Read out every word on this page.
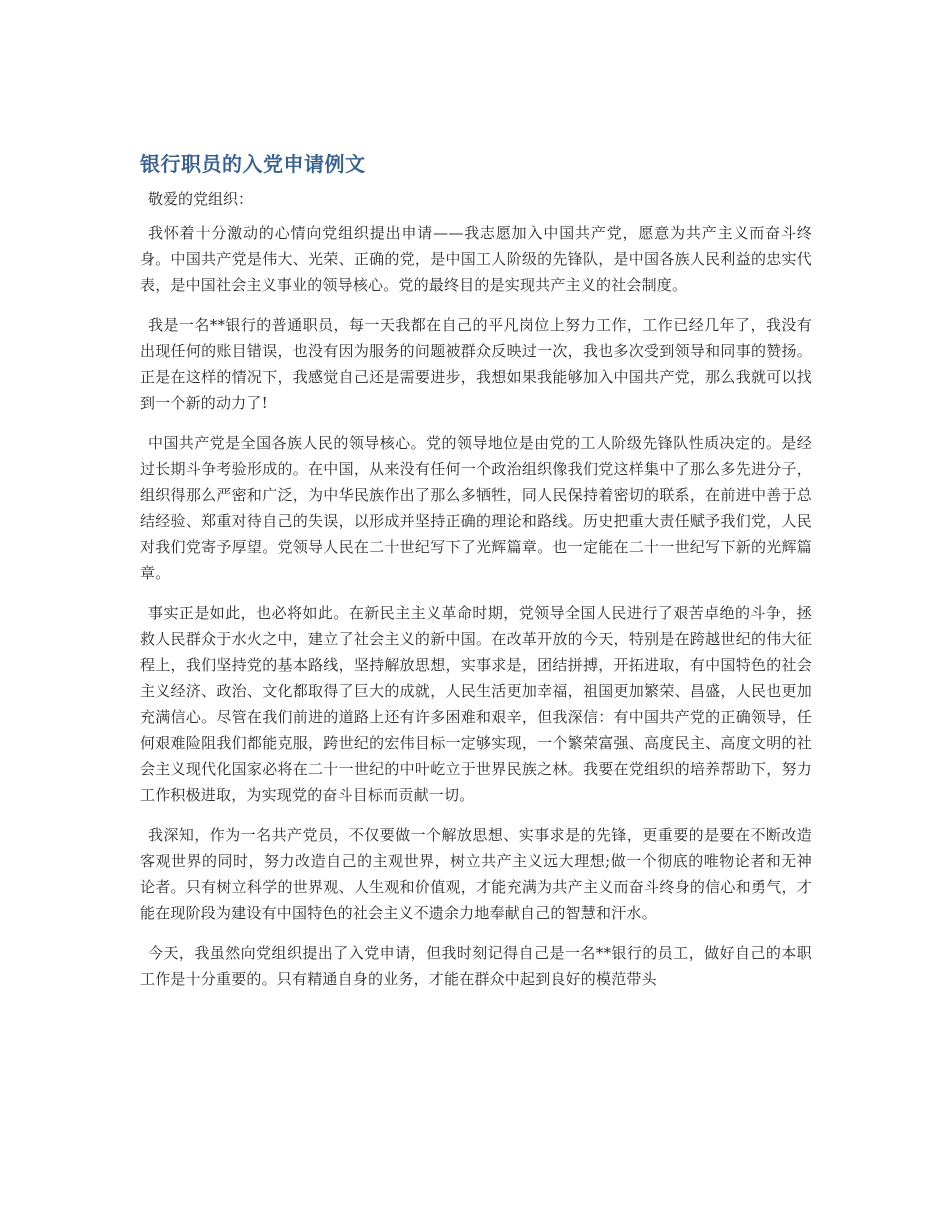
银行职员的入党申请例文

敬爱的党组织：

我怀着十分激动的心情向党组织提出申请——我志愿加入中国共产党，愿意为共产主义而奋斗终身。中国共产党是伟大、光荣、正确的党，是中国工人阶级的先锋队，是中国各族人民利益的忠实代表，是中国社会主义事业的领导核心。党的最终目的是实现共产主义的社会制度。

我是一名**银行的普通职员，每一天我都在自己的平凡岗位上努力工作，工作已经几年了，我没有出现任何的账目错误，也没有因为服务的问题被群众反映过一次，我也多次受到领导和同事的赞扬。正是在这样的情况下，我感觉自己还是需要进步，我想如果我能够加入中国共产党，那么我就可以找到一个新的动力了!

中国共产党是全国各族人民的领导核心。党的领导地位是由党的工人阶级先锋队性质决定的。是经过长期斗争考验形成的。在中国，从来没有任何一个政治组织像我们党这样集中了那么多先进分子，组织得那么严密和广泛，为中华民族作出了那么多牺牲，同人民保持着密切的联系，在前进中善于总结经验、郑重对待自己的失误，以形成并坚持正确的理论和路线。历史把重大责任赋予我们党，人民对我们党寄予厚望。党领导人民在二十世纪写下了光辉篇章。也一定能在二十一世纪写下新的光辉篇章。

事实正是如此，也必将如此。在新民主主义革命时期，党领导全国人民进行了艰苦卓绝的斗争，拯救人民群众于水火之中，建立了社会主义的新中国。在改革开放的今天，特别是在跨越世纪的伟大征程上，我们坚持党的基本路线，坚持解放思想，实事求是，团结拼搏，开拓进取，有中国特色的社会主义经济、政治、文化都取得了巨大的成就，人民生活更加幸福，祖国更加繁荣、昌盛，人民也更加充满信心。尽管在我们前进的道路上还有许多困难和艰辛，但我深信：有中国共产党的正确领导，任何艰难险阻我们都能克服，跨世纪的宏伟目标一定够实现，一个繁荣富强、高度民主、高度文明的社会主义现代化国家必将在二十一世纪的中叶屹立于世界民族之林。我要在党组织的培养帮助下，努力工作积极进取，为实现党的奋斗目标而贡献一切。

我深知，作为一名共产党员，不仅要做一个解放思想、实事求是的先锋，更重要的是要在不断改造客观世界的同时，努力改造自己的主观世界，树立共产主义远大理想;做一个彻底的唯物论者和无神论者。只有树立科学的世界观、人生观和价值观，才能充满为共产主义而奋斗终身的信心和勇气，才能在现阶段为建设有中国特色的社会主义不遗余力地奉献自己的智慧和汗水。

今天，我虽然向党组织提出了入党申请，但我时刻记得自己是一名**银行的员工，做好自己的本职工作是十分重要的。只有精通自身的业务，才能在群众中起到良好的模范带头
